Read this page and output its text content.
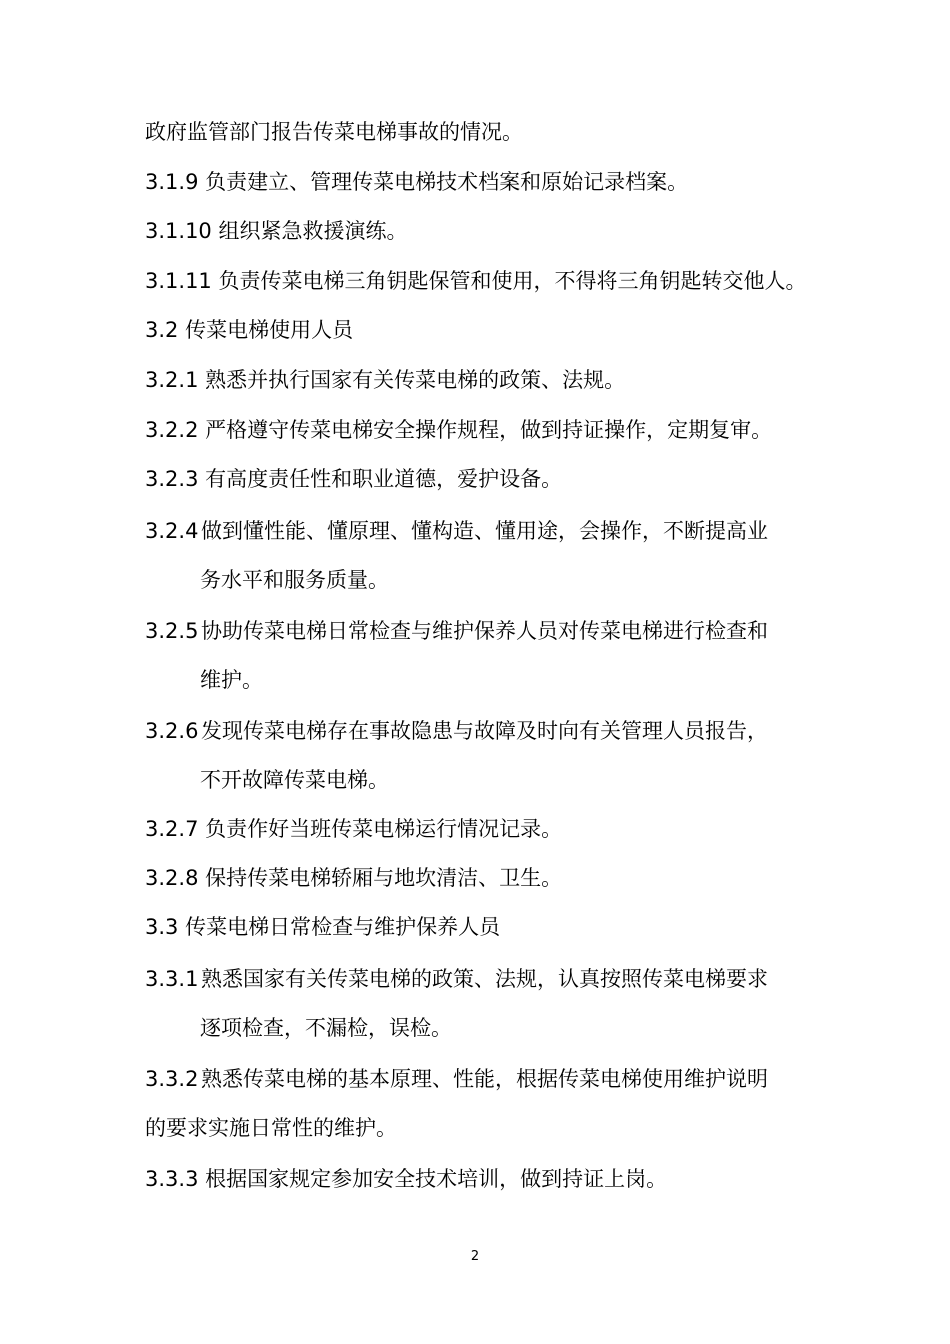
政府监管部门报告传菜电梯事故的情况。
3.1.9 负责建立、管理传菜电梯技术档案和原始记录档案。
3.1.10 组织紧急救援演练。
3.1.11 负责传菜电梯三角钥匙保管和使用，不得将三角钥匙转交他人。
3.2 传菜电梯使用人员
3.2.1 熟悉并执行国家有关传菜电梯的政策、法规。
3.2.2 严格遵守传菜电梯安全操作规程，做到持证操作，定期复审。
3.2.3 有高度责任性和职业道德，爱护设备。
3.2.4 做到懂性能、懂原理、懂构造、懂用途，会操作，不断提高业
务水平和服务质量。
3.2.5 协助传菜电梯日常检查与维护保养人员对传菜电梯进行检查和
维护。
3.2.6 发现传菜电梯存在事故隐患与故障及时向有关管理人员报告，
不开故障传菜电梯。
3.2.7 负责作好当班传菜电梯运行情况记录。
3.2.8 保持传菜电梯轿厢与地坎清洁、卫生。
3.3 传菜电梯日常检查与维护保养人员
3.3.1 熟悉国家有关传菜电梯的政策、法规，认真按照传菜电梯要求
逐项检查，不漏检，误检。
3.3.2 熟悉传菜电梯的基本原理、性能，根据传菜电梯使用维护说明
的要求实施日常性的维护。
3.3.3 根据国家规定参加安全技术培训，做到持证上岗。
2
